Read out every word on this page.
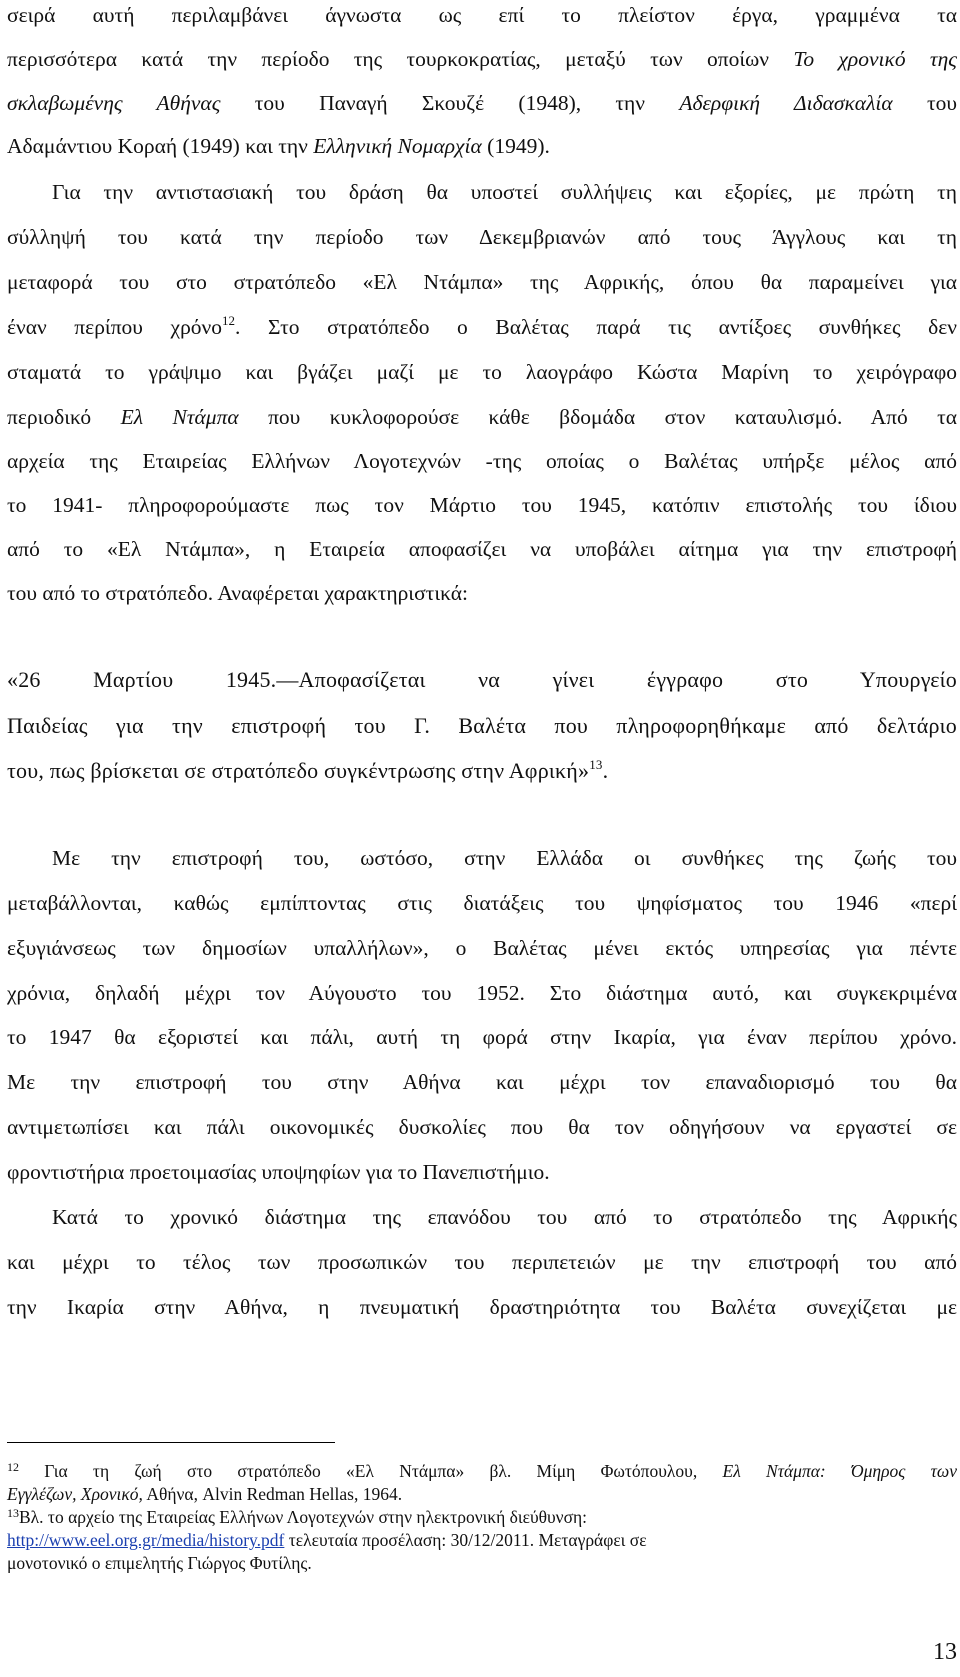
σειρά αυτή περιλαμβάνει άγνωστα ως επί το πλείστον έργα, γραμμένα τα
περισσότερα κατά την περίοδο της τουρκοκρατίας, μεταξύ των οποίων Το χρονικό της
σκλαβωμένης Αθήνας του Παναγή Σκουζέ (1948), την Αδερφική Διδασκαλία του
Αδαμάντιου Κοραή (1949) και την Ελληνική Νομαρχία (1949).
Για την αντιστασιακή του δράση θα υποστεί συλλήψεις και εξορίες, με πρώτη τη
σύλληψή του κατά την περίοδο των Δεκεμβριανών από τους Άγγλους και τη
μεταφορά του στο στρατόπεδο «Ελ Ντάμπα» της Αφρικής, όπου θα παραμείνει για
έναν περίπου χρόνο$^{12}$. Στο στρατόπεδο ο Βαλέτας παρά τις αντίξοες συνθήκες δεν
σταματά το γράψιμο και βγάζει μαζί με το λαογράφο Κώστα Μαρίνη το χειρόγραφο
περιοδικό Ελ Ντάμπα που κυκλοφορούσε κάθε βδομάδα στον καταυλισμό. Από τα
αρχεία της Εταιρείας Ελλήνων Λογοτεχνών -της οποίας ο Βαλέτας υπήρξε μέλος από
το 1941- πληροφορούμαστε πως τον Μάρτιο του 1945, κατόπιν επιστολής του ίδιου
από το «Ελ Ντάμπα», η Εταιρεία αποφασίζει να υποβάλει αίτημα για την επιστροφή
του από το στρατόπεδο. Αναφέρεται χαρακτηριστικά:
«26 Μαρτίου 1945.—Αποφασίζεται να γίνει έγγραφο στο Υπουργείο
Παιδείας για την επιστροφή του Γ. Βαλέτα που πληροφορηθήκαμε από δελτάριο
του, πως βρίσκεται σε στρατόπεδο συγκέντρωσης στην Αφρική»$^{13}$.
Με την επιστροφή του, ωστόσο, στην Ελλάδα οι συνθήκες της ζωής του
μεταβάλλονται, καθώς εμπίπτοντας στις διατάξεις του ψηφίσματος του 1946 «περί
εξυγιάνσεως των δημοσίων υπαλλήλων», ο Βαλέτας μένει εκτός υπηρεσίας για πέντε
χρόνια, δηλαδή μέχρι τον Αύγουστο του 1952. Στο διάστημα αυτό, και συγκεκριμένα
το 1947 θα εξοριστεί και πάλι, αυτή τη φορά στην Ικαρία, για έναν περίπου χρόνο.
Με την επιστροφή του στην Αθήνα και μέχρι τον επαναδιορισμό του θα
αντιμετωπίσει και πάλι οικονομικές δυσκολίες που θα τον οδηγήσουν να εργαστεί σε
φροντιστήρια προετοιμασίας υποψηφίων για το Πανεπιστήμιο.
Κατά το χρονικό διάστημα της επανόδου του από το στρατόπεδο της Αφρικής
και μέχρι το τέλος των προσωπικών του περιπετειών με την επιστροφή του από
την Ικαρία στην Αθήνα, η πνευματική δραστηριότητα του Βαλέτα συνεχίζεται με
$^{12}$ Για τη ζωή στο στρατόπεδο «Ελ Ντάμπα» βλ. Μίμη Φωτόπουλου, Ελ Ντάμπα: Όμηρος των
Εγγλέζων, Χρονικό, Αθήνα, Alvin Redman Hellas, 1964.
$^{13}$Βλ. το αρχείο της Εταιρείας Ελλήνων Λογοτεχνών στην ηλεκτρονική διεύθυνση:
http://www.eel.org.gr/media/history.pdf τελευταία προσέλαση: 30/12/2011. Μεταγράφει σε
μονοτονικό ο επιμελητής Γιώργος Φυτίλης.
13
